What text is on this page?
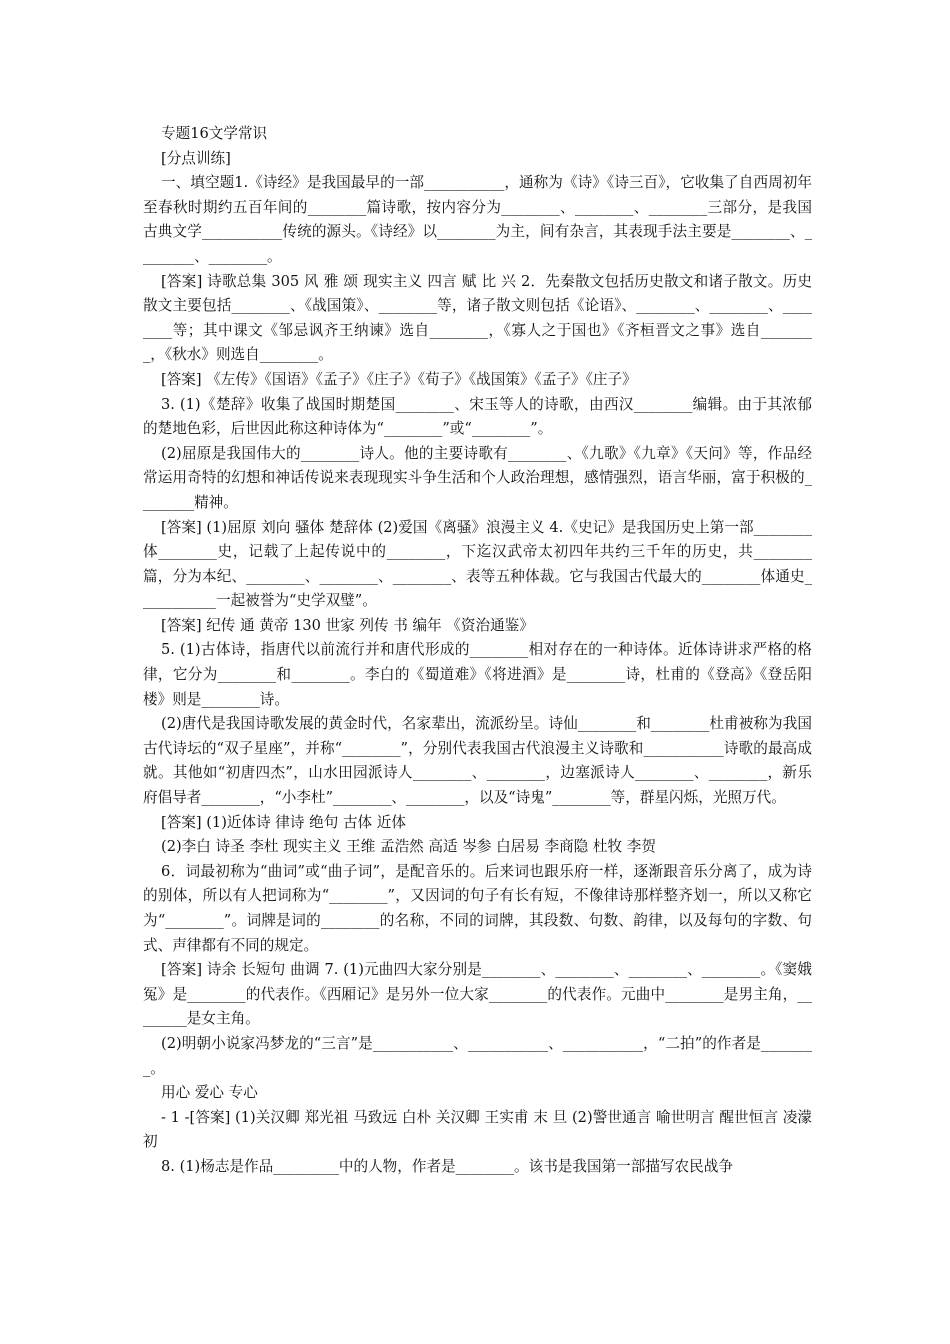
专题16文学常识

[分点训练]

一、填空题1.《诗经》是我国最早的一部___________，通称为《诗》《诗三百》，它收集了自西周初年至春秋时期约五百年间的________篇诗歌，按内容分为________、________、________三部分，是我国古典文学___________传统的源头。《诗经》以________为主，间有杂言，其表现手法主要是________、________、________。

[答案] 诗歌总集 305 风 雅 颂 现实主义 四言 赋 比 兴 2．先秦散文包括历史散文和诸子散文。历史散文主要包括________、《战国策》、________等，诸子散文则包括《论语》、________、________、________等；其中课文《邹忌讽齐王纳谏》选自________，《寡人之于国也》《齐桓晋文之事》选自________，《秋水》则选自________。

[答案] 《左传》《国语》《孟子》《庄子》《荀子》《战国策》《孟子》《庄子》

3. (1)《楚辞》收集了战国时期楚国________、宋玉等人的诗歌，由西汉________编辑。由于其浓郁的楚地色彩，后世因此称这种诗体为“________”或“________”。

(2)屈原是我国伟大的________诗人。他的主要诗歌有________、《九歌》《九章》《天问》等，作品经常运用奇特的幻想和神话传说来表现现实斗争生活和个人政治理想，感情强烈，语言华丽，富于积极的________精神。

[答案] (1)屈原 刘向 骚体 楚辞体 (2)爱国《离骚》浪漫主义 4.《史记》是我国历史上第一部________体________史，记载了上起传说中的________，下迄汉武帝太初四年共约三千年的历史，共________篇，分为本纪、________、________、________、表等五种体裁。它与我国古代最大的________体通史___________一起被誉为“史学双璧”。

[答案] 纪传 通 黄帝 130 世家 列传 书 编年 《资治通鉴》

5. (1)古体诗，指唐代以前流行并和唐代形成的________相对存在的一种诗体。近体诗讲求严格的格律，它分为________和________。李白的《蜀道难》《将进酒》是________诗，杜甫的《登高》《登岳阳楼》则是________诗。

(2)唐代是我国诗歌发展的黄金时代，名家辈出，流派纷呈。诗仙________和________杜甫被称为我国古代诗坛的“双子星座”，并称“________”，分别代表我国古代浪漫主义诗歌和___________诗歌的最高成就。其他如“初唐四杰”，山水田园派诗人________、________，边塞派诗人________、________，新乐府倡导者________，“小李杜”________、________，以及“诗鬼”________等，群星闪烁，光照万代。

[答案] (1)近体诗 律诗 绝句 古体 近体

(2)李白 诗圣 李杜 现实主义 王维 孟浩然 高适 岑参 白居易 李商隐 杜牧 李贺

6．词最初称为“曲词”或“曲子词”，是配音乐的。后来词也跟乐府一样，逐渐跟音乐分离了，成为诗的别体，所以有人把词称为“________”，又因词的句子有长有短，不像律诗那样整齐划一，所以又称它为“________”。词牌是词的________的名称，不同的词牌，其段数、句数、韵律，以及每句的字数、句式、声律都有不同的规定。

[答案] 诗余 长短句 曲调 7. (1)元曲四大家分别是________、________、________、________。《窦娥冤》是________的代表作。《西厢记》是另外一位大家________的代表作。元曲中________是男主角，________是女主角。

(2)明朝小说家冯梦龙的“三言”是___________、___________、___________，“二拍”的作者是________。

用心 爱心 专心

- 1 -[答案] (1)关汉卿 郑光祖 马致远 白朴 关汉卿 王实甫 末 旦 (2)警世通言 喻世明言 醒世恒言 凌濛初

8. (1)杨志是作品_________中的人物，作者是________。该书是我国第一部描写农民战争
